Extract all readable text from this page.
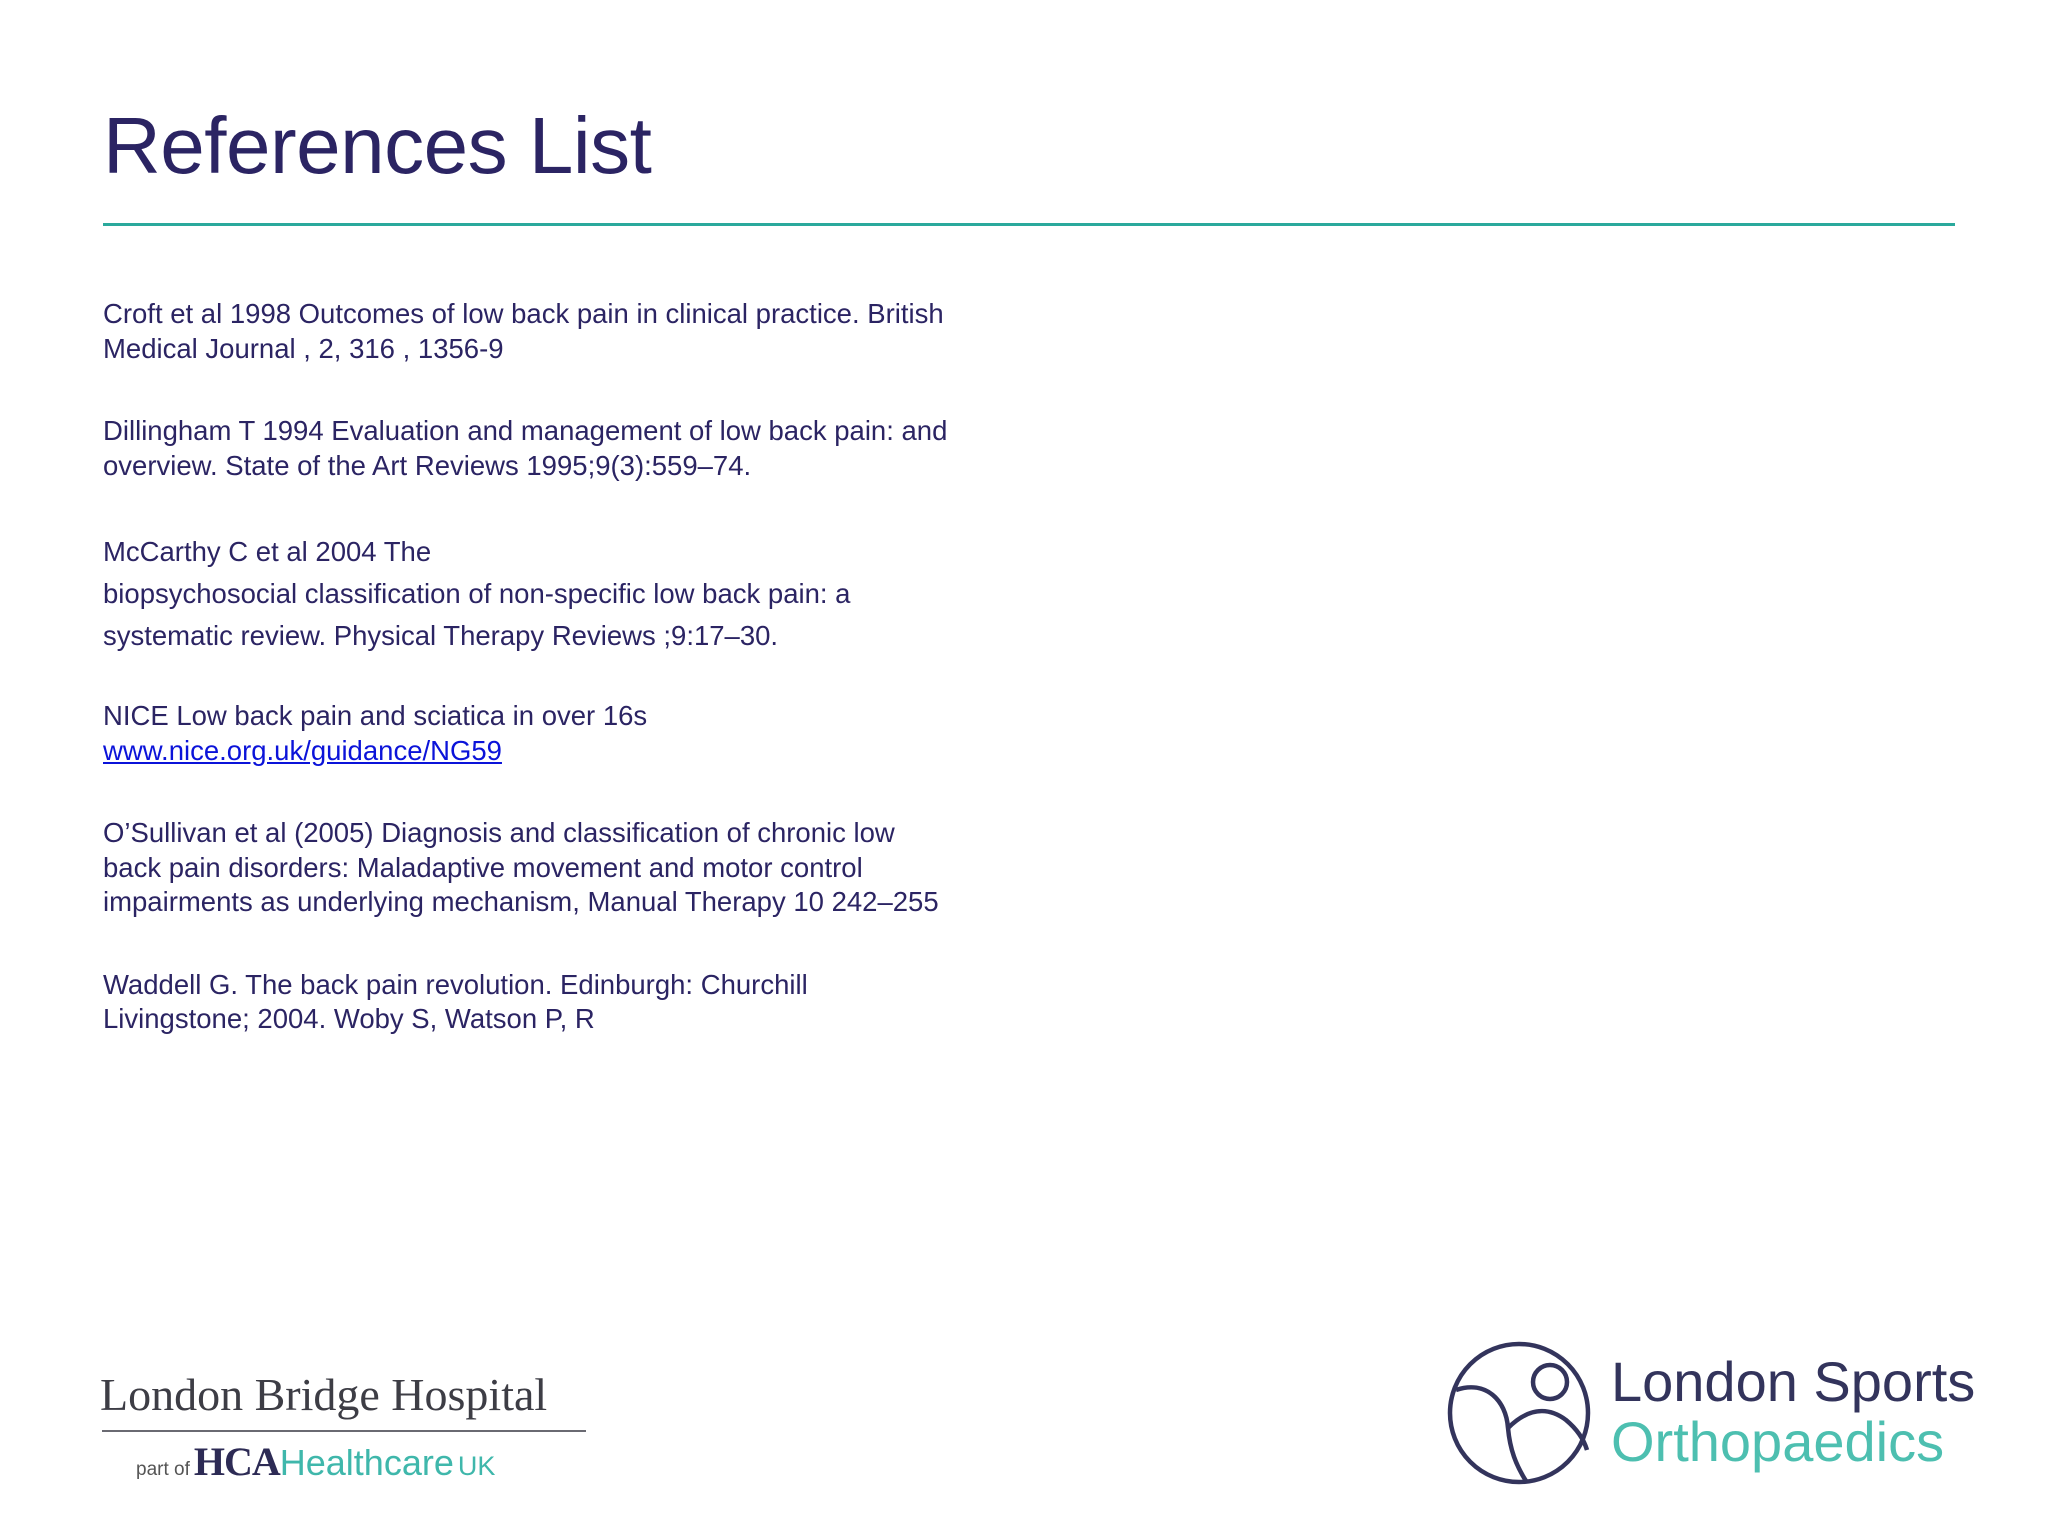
References List
Croft et al 1998 Outcomes of low back pain in clinical practice. British
Medical Journal , 2, 316 , 1356-9
Dillingham T 1994 Evaluation and management of low back pain: and
overview. State of the Art Reviews 1995;9(3):559–74.
McCarthy C et al 2004 The
biopsychosocial classification of non-specific low back pain: a
systematic review. Physical Therapy Reviews ;9:17–30.
NICE Low back pain and sciatica in over 16s
www.nice.org.uk/guidance/NG59
O’Sullivan et al (2005) Diagnosis and classification of chronic low
back pain disorders: Maladaptive movement and motor control
impairments as underlying mechanism, Manual Therapy 10 242–255
Waddell G. The back pain revolution. Edinburgh: Churchill
Livingstone; 2004. Woby S, Watson P, R
London Bridge Hospital
part of HCAHealthcare UK
London Sports
Orthopaedics
